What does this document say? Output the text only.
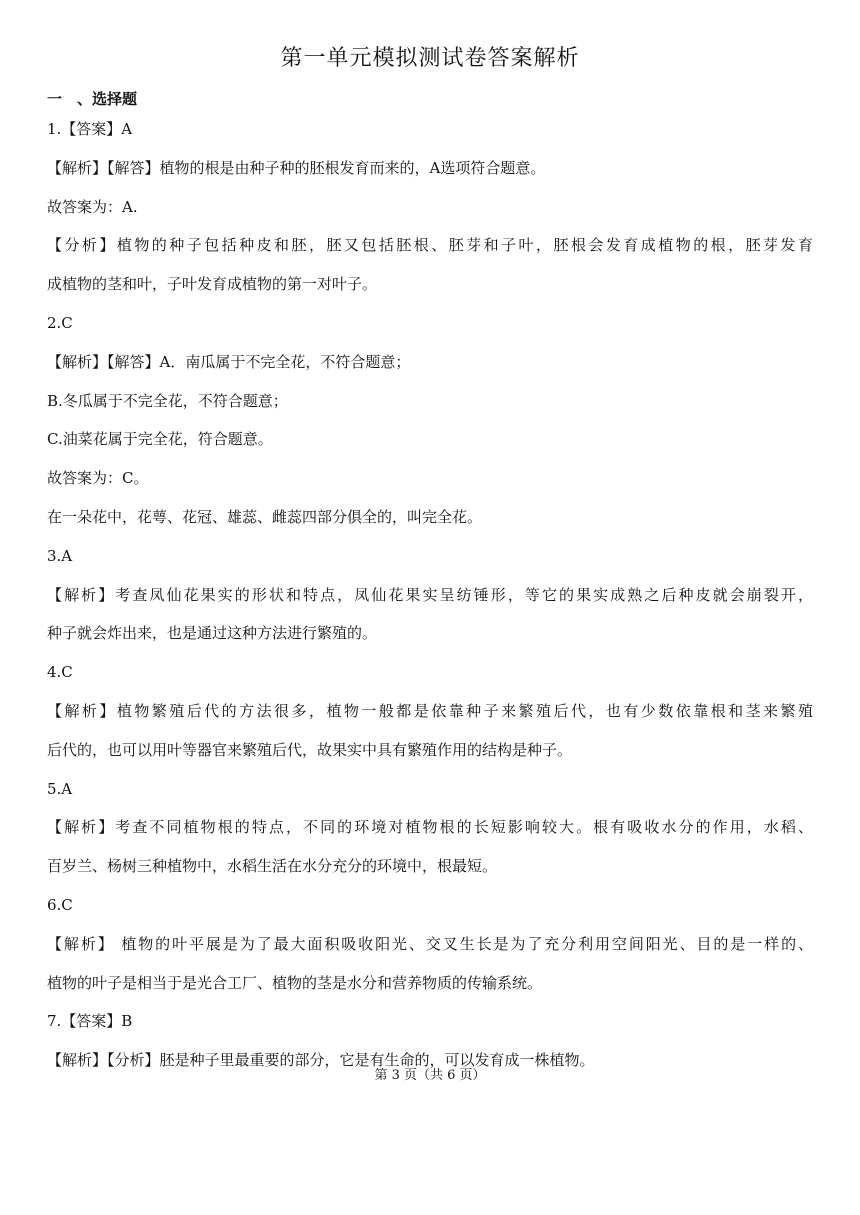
第一单元模拟测试卷答案解析
一　、选择题
1.【答案】A
【解析】【解答】植物的根是由种子种的胚根发育而来的，A选项符合题意。
故答案为：A.
【分析】植物的种子包括种皮和胚，胚又包括胚根、胚芽和子叶，胚根会发育成植物的根，胚芽发育
成植物的茎和叶，子叶发育成植物的第一对叶子。
2.C
【解析】【解答】A．南瓜属于不完全花，不符合题意；
B.冬瓜属于不完全花，不符合题意；
C.油菜花属于完全花，符合题意。
故答案为：C。
在一朵花中，花萼、花冠、雄蕊、雌蕊四部分俱全的，叫完全花。
3.A
【解析】考查凤仙花果实的形状和特点，凤仙花果实呈纺锤形，等它的果实成熟之后种皮就会崩裂开，
种子就会炸出来，也是通过这种方法进行繁殖的。
4.C
【解析】植物繁殖后代的方法很多，植物一般都是依靠种子来繁殖后代，也有少数依靠根和茎来繁殖
后代的，也可以用叶等器官来繁殖后代，故果实中具有繁殖作用的结构是种子。
5.A
【解析】考查不同植物根的特点，不同的环境对植物根的长短影响较大。根有吸收水分的作用，水稻、
百岁兰、杨树三种植物中，水稻生活在水分充分的环境中，根最短。
6.C
【解析】 植物的叶平展是为了最大面积吸收阳光、交叉生长是为了充分利用空间阳光、目的是一样的、
植物的叶子是相当于是光合工厂、植物的茎是水分和营养物质的传输系统。
7.【答案】B
【解析】【分析】胚是种子里最重要的部分，它是有生命的，可以发育成一株植物。
第 3 页（共 6 页）
